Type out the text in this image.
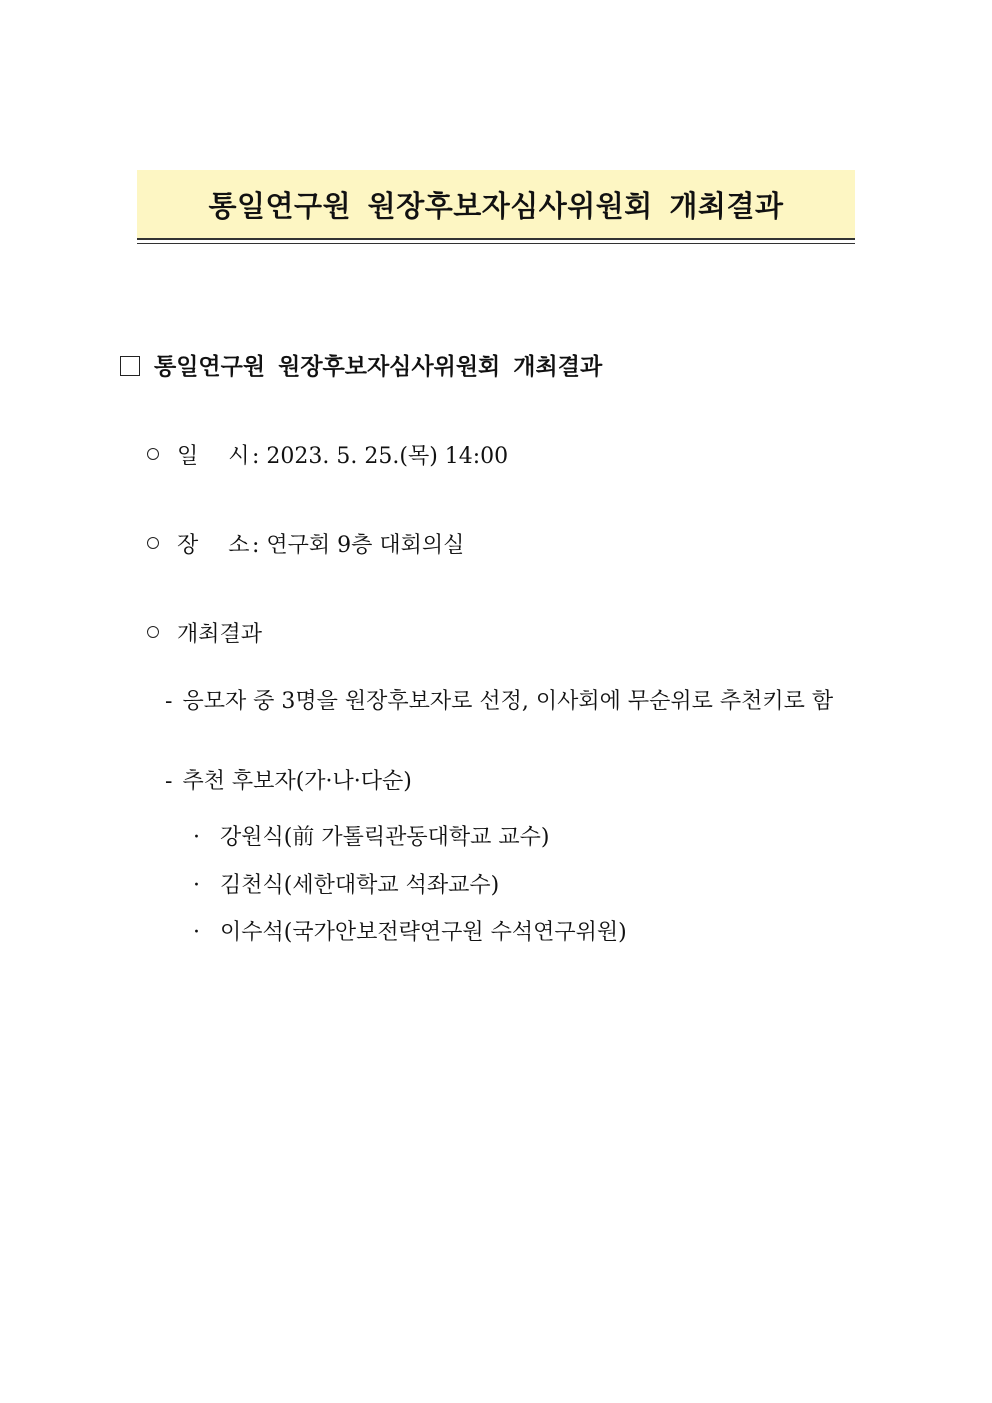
통일연구원 원장후보자심사위원회 개최결과
통일연구원 원장후보자심사위원회 개최결과
일 시 : 2023. 5. 25.(목) 14:00
장 소 : 연구회 9층 대회의실
개최결과
- 응모자 중 3명을 원장후보자로 선정, 이사회에 무순위로 추천키로 함
- 추천 후보자(가·나·다순)
· 강원식(前 가톨릭관동대학교 교수)
· 김천식(세한대학교 석좌교수)
· 이수석(국가안보전략연구원 수석연구위원)
